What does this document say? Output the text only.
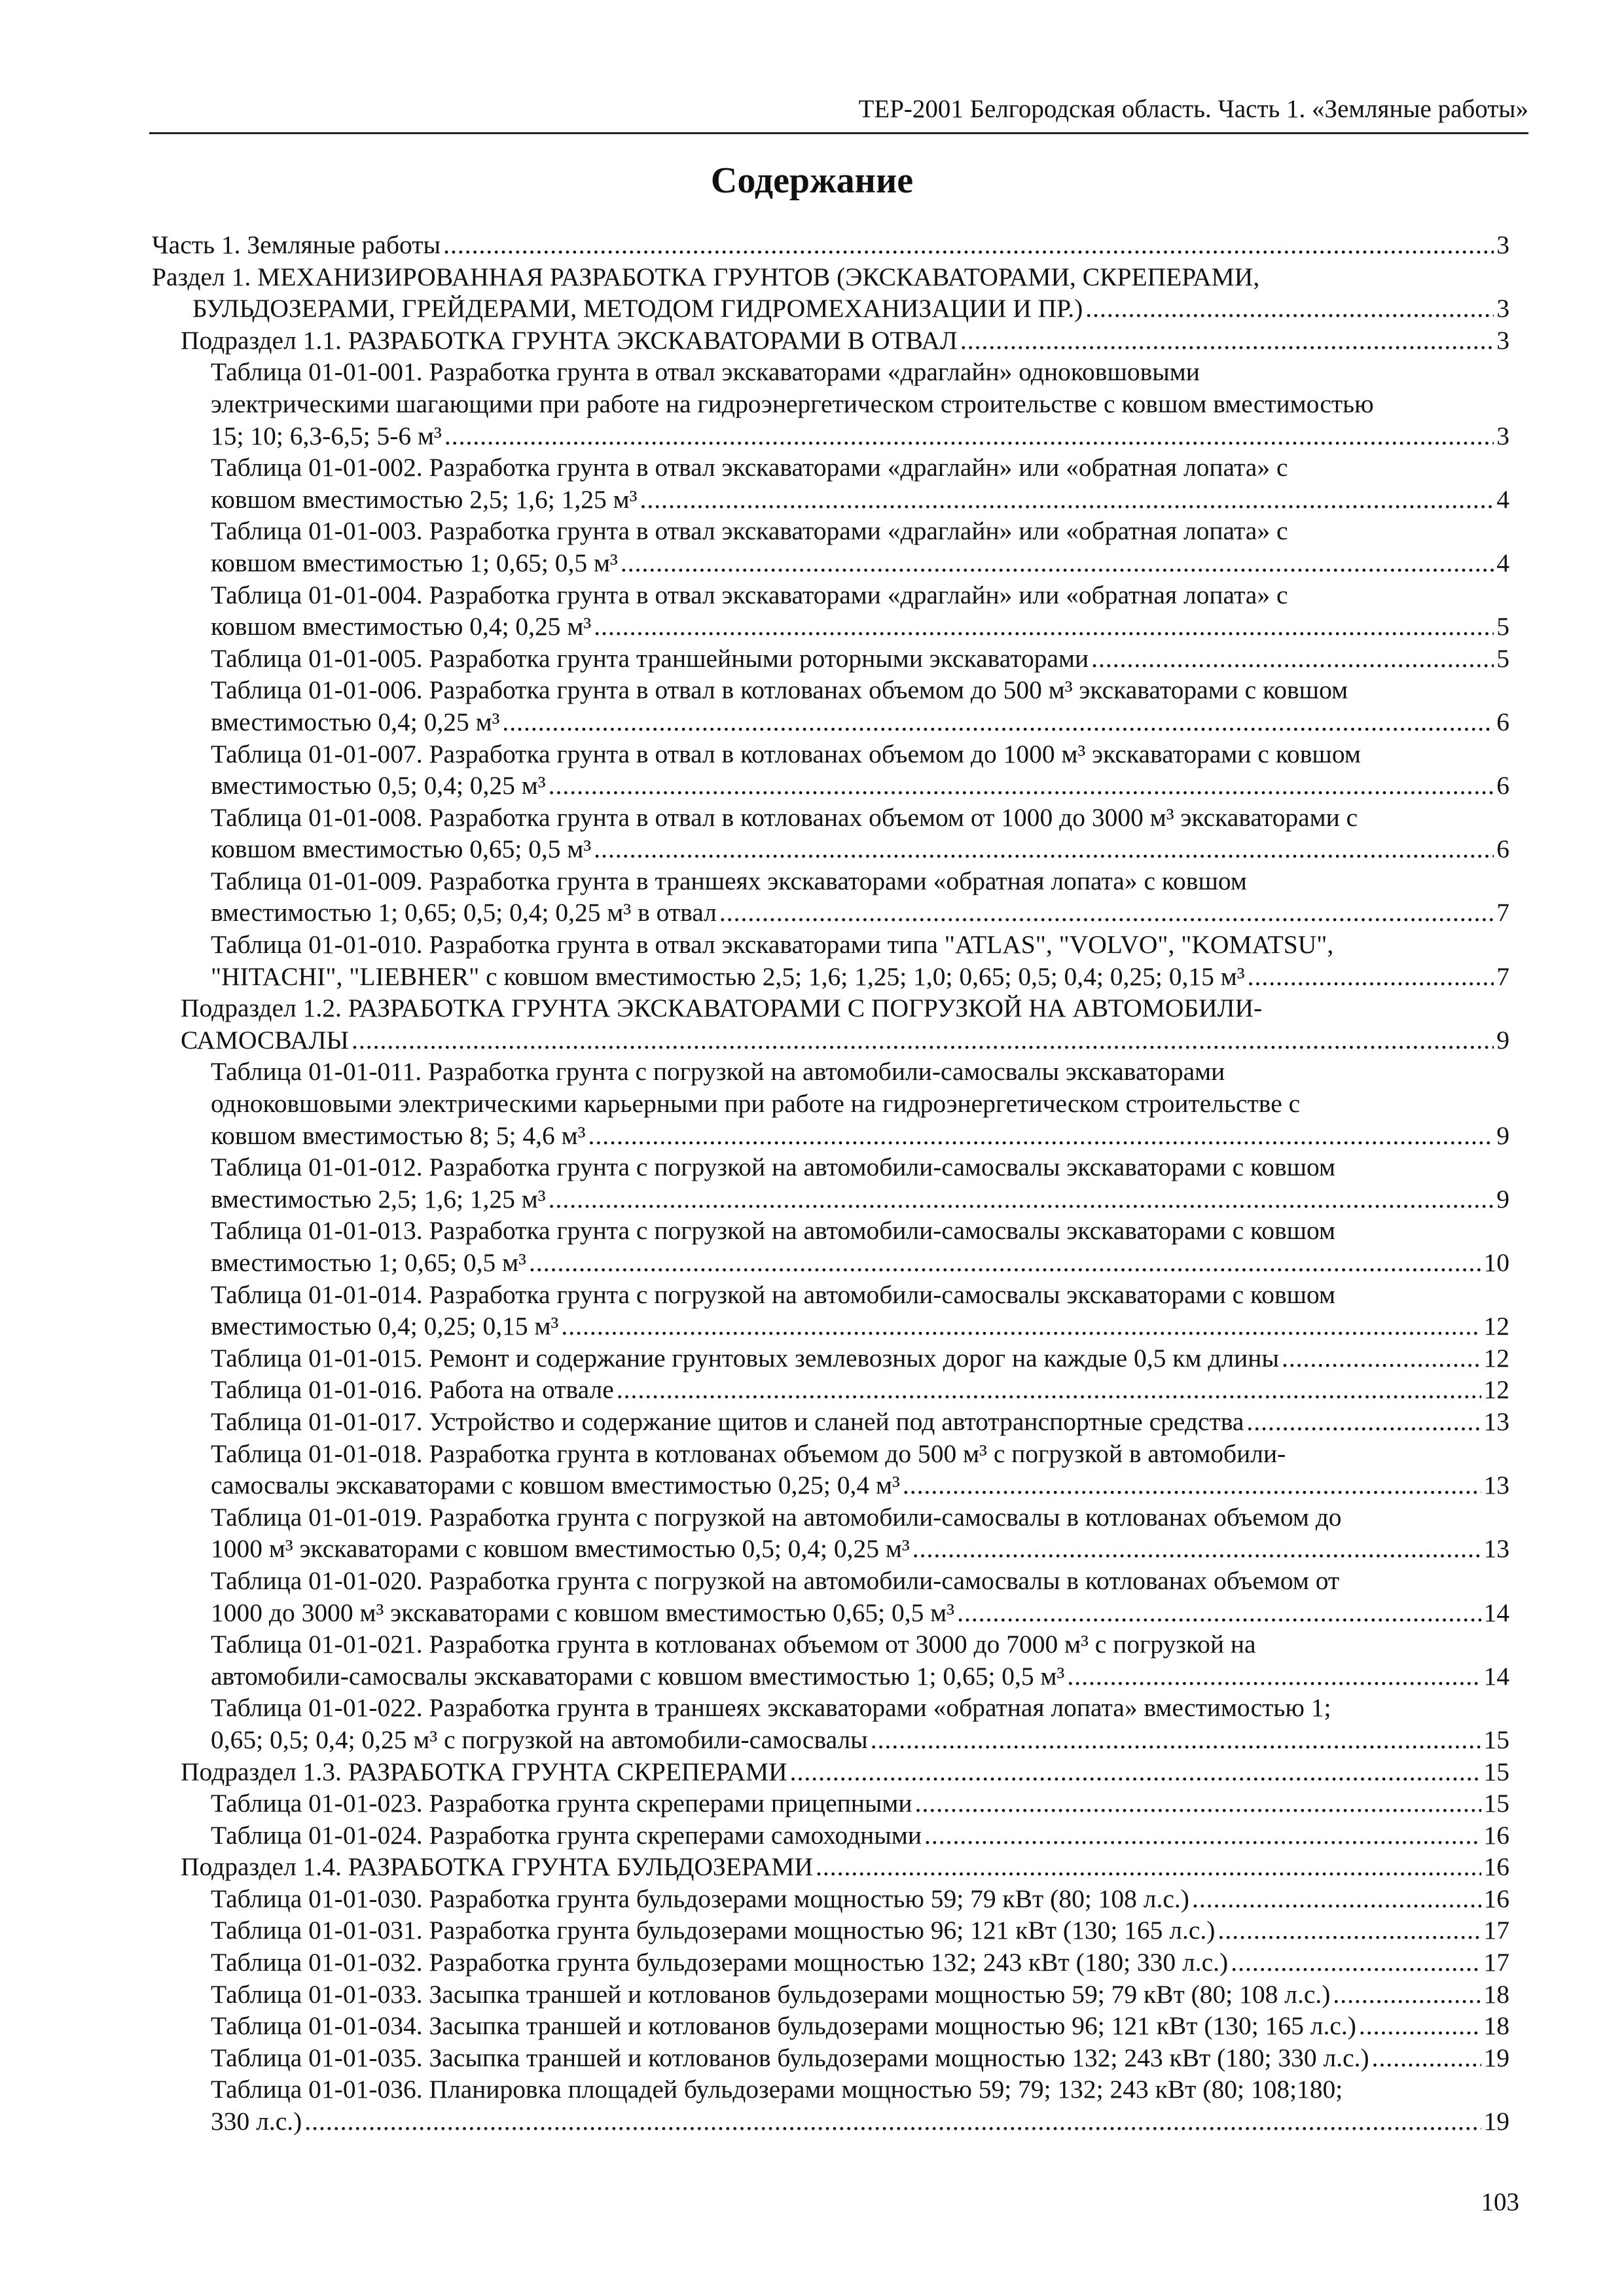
ТЕР-2001 Белгородская область. Часть 1. «Земляные работы»
Содержание
Часть 1. Земляные работы .....	3
Раздел 1. МЕХАНИЗИРОВАННАЯ РАЗРАБОТКА ГРУНТОВ (ЭКСКАВАТОРАМИ, СКРЕПЕРАМИ,
БУЛЬДОЗЕРАМИ, ГРЕЙДЕРАМИ, МЕТОДОМ ГИДРОМЕХАНИЗАЦИИ И ПР.) .....	3
Подраздел 1.1. РАЗРАБОТКА ГРУНТА ЭКСКАВАТОРАМИ В ОТВАЛ .....	3
Таблица 01-01-001. Разработка грунта в отвал экскаваторами «драглайн» одноковшовыми
электрическими шагающими при работе на гидроэнергетическом строительстве с ковшом вместимостью
15; 10; 6,3-6,5; 5-6 м³ .....	3
Таблица 01-01-002. Разработка грунта в отвал экскаваторами «драглайн» или «обратная лопата» с
ковшом вместимостью 2,5; 1,6; 1,25 м³ .....	4
Таблица 01-01-003. Разработка грунта в отвал экскаваторами «драглайн» или «обратная лопата» с
ковшом вместимостью 1; 0,65; 0,5 м³ .....	4
Таблица 01-01-004. Разработка грунта в отвал экскаваторами «драглайн» или «обратная лопата» с
ковшом вместимостью 0,4; 0,25 м³ .....	5
Таблица 01-01-005. Разработка грунта траншейными роторными экскаваторами .....	5
Таблица 01-01-006. Разработка грунта в отвал в котлованах объемом до 500 м³ экскаваторами с ковшом
вместимостью 0,4; 0,25 м³ .....	6
Таблица 01-01-007. Разработка грунта в отвал в котлованах объемом до 1000 м³ экскаваторами с ковшом
вместимостью 0,5; 0,4; 0,25 м³ .....	6
Таблица 01-01-008. Разработка грунта в отвал в котлованах объемом от 1000 до 3000 м³ экскаваторами с
ковшом вместимостью 0,65; 0,5 м³ .....	6
Таблица 01-01-009. Разработка грунта в траншеях экскаваторами «обратная лопата» с ковшом
вместимостью 1; 0,65; 0,5; 0,4; 0,25 м³ в отвал .....	7
Таблица 01-01-010. Разработка грунта в отвал экскаваторами типа "ATLAS", "VOLVO", "KOMATSU",
"HITACHI", "LIEBHER" с ковшом вместимостью 2,5; 1,6; 1,25; 1,0; 0,65; 0,5; 0,4; 0,25; 0,15 м³ .....	7
Подраздел 1.2. РАЗРАБОТКА ГРУНТА ЭКСКАВАТОРАМИ С ПОГРУЗКОЙ НА АВТОМОБИЛИ-
САМОСВАЛЫ .....	9
Таблица 01-01-011. Разработка грунта с погрузкой на автомобили-самосвалы экскаваторами
одноковшовыми электрическими карьерными при работе на гидроэнергетическом строительстве с
ковшом вместимостью 8; 5; 4,6 м³ .....	9
Таблица 01-01-012. Разработка грунта с погрузкой на автомобили-самосвалы экскаваторами с ковшом
вместимостью 2,5; 1,6; 1,25 м³ .....	9
Таблица 01-01-013. Разработка грунта с погрузкой на автомобили-самосвалы экскаваторами с ковшом
вместимостью 1; 0,65; 0,5 м³ .....	10
Таблица 01-01-014. Разработка грунта с погрузкой на автомобили-самосвалы экскаваторами с ковшом
вместимостью 0,4; 0,25; 0,15 м³ .....	12
Таблица 01-01-015. Ремонт и содержание грунтовых землевозных дорог на каждые 0,5 км длины .....	12
Таблица 01-01-016. Работа на отвале .....	12
Таблица 01-01-017. Устройство и содержание щитов и сланей под автотранспортные средства .....	13
Таблица 01-01-018. Разработка грунта в котлованах объемом до 500 м³ с погрузкой в автомобили-
самосвалы экскаваторами с ковшом вместимостью 0,25; 0,4 м³ .....	13
Таблица 01-01-019. Разработка грунта с погрузкой на автомобили-самосвалы в котлованах объемом до
1000 м³ экскаваторами с ковшом вместимостью 0,5; 0,4; 0,25 м³ .....	13
Таблица 01-01-020. Разработка грунта с погрузкой на автомобили-самосвалы в котлованах объемом от
1000 до 3000 м³ экскаваторами с ковшом вместимостью 0,65; 0,5 м³ .....	14
Таблица 01-01-021. Разработка грунта в котлованах объемом от 3000 до 7000 м³ с погрузкой на
автомобили-самосвалы экскаваторами с ковшом вместимостью 1; 0,65; 0,5 м³ .....	14
Таблица 01-01-022. Разработка грунта в траншеях экскаваторами «обратная лопата» вместимостью 1;
0,65; 0,5; 0,4; 0,25 м³ с погрузкой на автомобили-самосвалы .....	15
Подраздел 1.3. РАЗРАБОТКА ГРУНТА СКРЕПЕРАМИ .....	15
Таблица 01-01-023. Разработка грунта скреперами прицепными .....	15
Таблица 01-01-024. Разработка грунта скреперами самоходными .....	16
Подраздел 1.4. РАЗРАБОТКА ГРУНТА БУЛЬДОЗЕРАМИ .....	16
Таблица 01-01-030. Разработка грунта бульдозерами мощностью 59; 79 кВт (80; 108 л.с.) .....	16
Таблица 01-01-031. Разработка грунта бульдозерами мощностью 96; 121 кВт (130; 165 л.с.) .....	17
Таблица 01-01-032. Разработка грунта бульдозерами мощностью 132; 243 кВт (180; 330 л.с.) .....	17
Таблица 01-01-033. Засыпка траншей и котлованов бульдозерами мощностью 59; 79 кВт (80; 108 л.с.) .....	18
Таблица 01-01-034. Засыпка траншей и котлованов бульдозерами мощностью 96; 121 кВт (130; 165 л.с.) .....	18
Таблица 01-01-035. Засыпка траншей и котлованов бульдозерами мощностью 132; 243 кВт (180; 330 л.с.) .....	19
Таблица 01-01-036. Планировка площадей бульдозерами мощностью 59; 79; 132; 243 кВт (80; 108;180;
330 л.с.) .....	19
103
